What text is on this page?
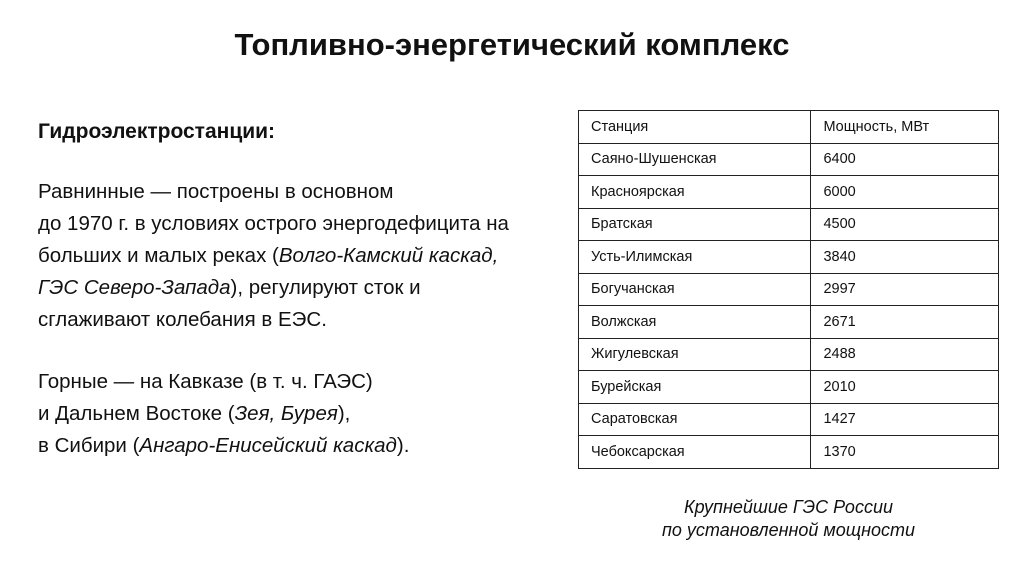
Топливно-энергетический комплекс
Гидроэлектростанции:
Равнинные — построены в основном
до 1970 г. в условиях острого энергодефицита на
больших и малых реках (Волго-Камский каскад,
ГЭС Северо-Запада), регулируют сток и
сглаживают колебания в ЕЭС.
Горные — на Кавказе (в т. ч. ГАЭС)
и Дальнем Востоке (Зея, Бурея),
в Сибири (Ангаро-Енисейский каскад).
Станция	Мощность, МВт
Саяно-Шушенская	6400
Красноярская	6000
Братская	4500
Усть-Илимская	3840
Богучанская	2997
Волжская	2671
Жигулевская	2488
Бурейская	2010
Саратовская	1427
Чебоксарская	1370
Крупнейшие ГЭС России
по установленной мощности
